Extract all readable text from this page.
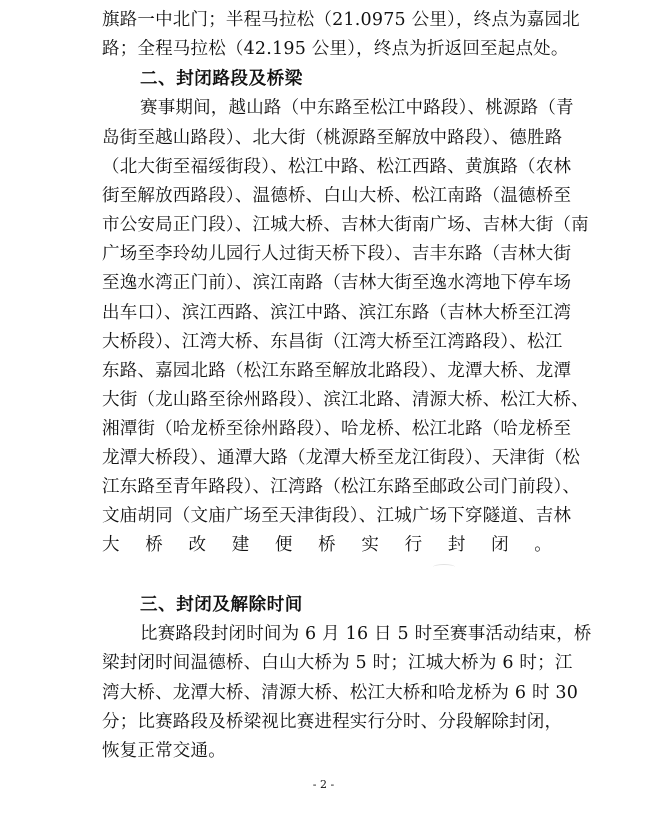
旗路一中北门；半程马拉松（21.0975 公里），终点为嘉园北
路；全程马拉松（42.195 公里），终点为折返回至起点处。
二、封闭路段及桥梁
赛事期间，越山路（中东路至松江中路段）、桃源路（青
岛街至越山路段）、北大街（桃源路至解放中路段）、德胜路
（北大街至福绥街段）、松江中路、松江西路、黄旗路（农林
街至解放西路段）、温德桥、白山大桥、松江南路（温德桥至
市公安局正门段）、江城大桥、吉林大街南广场、吉林大街（南
广场至李玲幼儿园行人过街天桥下段）、吉丰东路（吉林大街
至逸水湾正门前）、滨江南路（吉林大街至逸水湾地下停车场
出车口）、滨江西路、滨江中路、滨江东路（吉林大桥至江湾
大桥段）、江湾大桥、东昌街（江湾大桥至江湾路段）、松江
东路、嘉园北路（松江东路至解放北路段）、龙潭大桥、龙潭
大街（龙山路至徐州路段）、滨江北路、清源大桥、松江大桥、
湘潭街（哈龙桥至徐州路段）、哈龙桥、松江北路（哈龙桥至
龙潭大桥段）、通潭大路（龙潭大桥至龙江街段）、天津街（松
江东路至青年路段）、江湾路（松江东路至邮政公司门前段）、
文庙胡同（文庙广场至天津街段）、江城广场下穿隧道、吉林
大桥改建便桥实行封闭。
三、封闭及解除时间
比赛路段封闭时间为 6 月 16 日 5 时至赛事活动结束，桥
梁封闭时间温德桥、白山大桥为 5 时；江城大桥为 6 时；江
湾大桥、龙潭大桥、清源大桥、松江大桥和哈龙桥为 6 时 30
分；比赛路段及桥梁视比赛进程实行分时、分段解除封闭，
恢复正常交通。
- 2 -
